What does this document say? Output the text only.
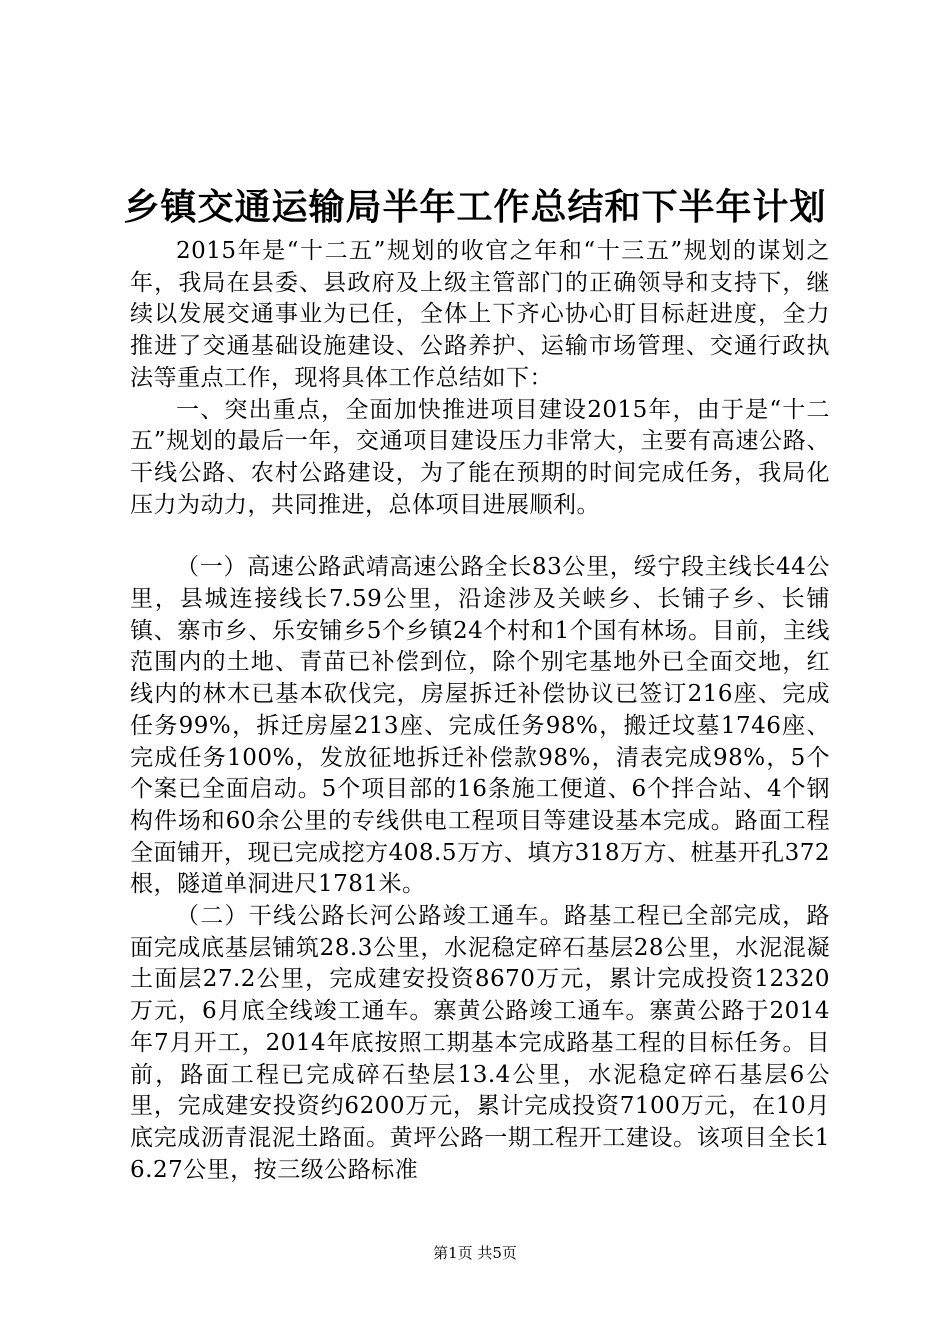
乡镇交通运输局半年工作总结和下半年计划

2015年是“十二五”规划的收官之年和“十三五”规划的谋划之年，我局在县委、县政府及上级主管部门的正确领导和支持下，继续以发展交通事业为已任，全体上下齐心协心盯目标赶进度，全力推进了交通基础设施建设、公路养护、运输市场管理、交通行政执法等重点工作，现将具体工作总结如下：

一、突出重点，全面加快推进项目建设2015年，由于是“十二五”规划的最后一年，交通项目建设压力非常大，主要有高速公路、干线公路、农村公路建设，为了能在预期的时间完成任务，我局化压力为动力，共同推进，总体项目进展顺利。

（一）高速公路武靖高速公路全长83公里，绥宁段主线长44公里，县城连接线长7.59公里，沿途涉及关峡乡、长铺子乡、长铺镇、寨市乡、乐安铺乡5个乡镇24个村和1个国有林场。目前，主线范围内的土地、青苗已补偿到位，除个别宅基地外已全面交地，红线内的林木已基本砍伐完，房屋拆迁补偿协议已签订216座、完成任务99%，拆迁房屋213座、完成任务98%，搬迁坟墓1746座、完成任务100%，发放征地拆迁补偿款98%，清表完成98%，5个个案已全面启动。5个项目部的16条施工便道、6个拌合站、4个钢构件场和60余公里的专线供电工程项目等建设基本完成。路面工程全面铺开，现已完成挖方408.5万方、填方318万方、桩基开孔372根，隧道单洞进尺1781米。

（二）干线公路长河公路竣工通车。路基工程已全部完成，路面完成底基层铺筑28.3公里，水泥稳定碎石基层28公里，水泥混凝土面层27.2公里，完成建安投资8670万元，累计完成投资12320万元，6月底全线竣工通车。寨黄公路竣工通车。寨黄公路于2014年7月开工，2014年底按照工期基本完成路基工程的目标任务。目前，路面工程已完成碎石垫层13.4公里，水泥稳定碎石基层6公里，完成建安投资约6200万元，累计完成投资7100万元，在10月底完成沥青混泥土路面。黄坪公路一期工程开工建设。该项目全长16.27公里，按三级公路标准

第1页 共5页
